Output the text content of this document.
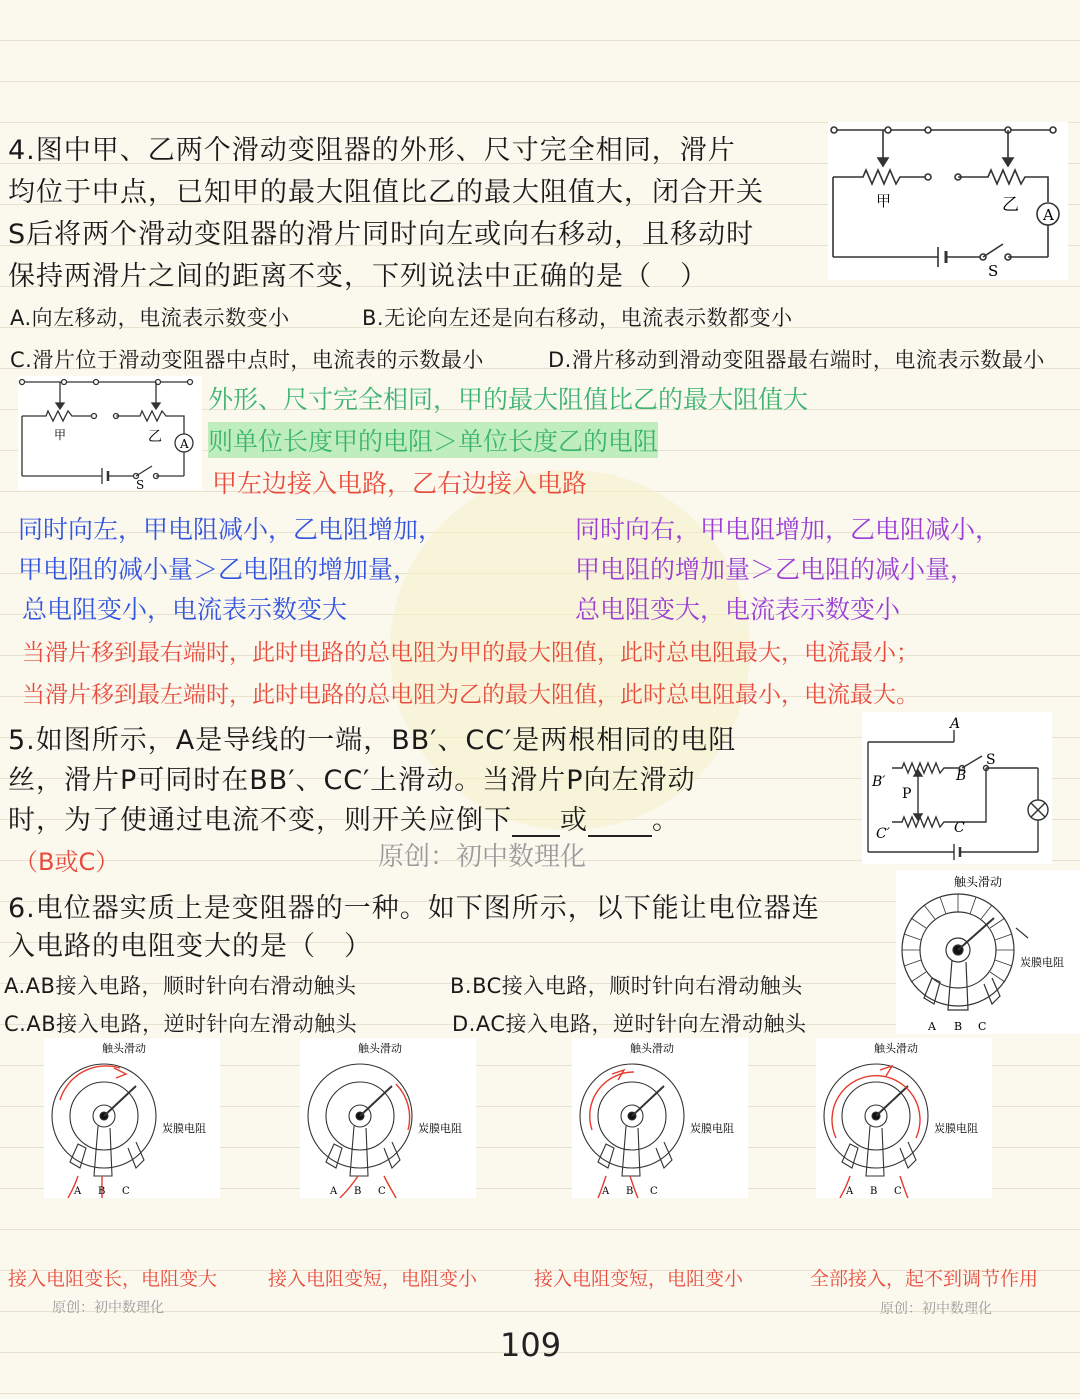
4.图中甲、乙两个滑动变阻器的外形、尺寸完全相同，滑片
均位于中点，已知甲的最大阻值比乙的最大阻值大，闭合开关
S后将两个滑动变阻器的滑片同时向左或向右移动，且移动时
保持两滑片之间的距离不变，下列说法中正确的是（　）
甲	乙 A
S
A.向左移动，电流表示数变小	B.无论向左还是向右移动，电流表示数都变小
C.滑片位于滑动变阻器中点时，电流表的示数最小	D.滑片移动到滑动变阻器最右端时，电流表示数最小
甲	乙 A
S
外形、尺寸完全相同，甲的最大阻值比乙的最大阻值大
则单位长度甲的电阻＞单位长度乙的电阻
甲左边接入电路，乙右边接入电路
同时向左，甲电阻减小，乙电阻增加，
甲电阻的减小量＞乙电阻的增加量，
总电阻变小，电流表示数变大
同时向右，甲电阻增加，乙电阻减小，
甲电阻的增加量＞乙电阻的减小量，
总电阻变大，电流表示数变小
当滑片移到最右端时，此时电路的总电阻为甲的最大阻值，此时总电阻最大，电流最小；
当滑片移到最左端时，此时电路的总电阻为乙的最大阻值，此时总电阻最小，电流最大。
5.如图所示，A是导线的一端，BB′、CC′是两根相同的电阻
丝，滑片P可同时在BB′、CC′上滑动。当滑片P向左滑动
时，为了使通过电流不变，则开关应倒下 或 。
（B或C）
A
B′	B
P
C′	C
S
原创：初中数理化
6.电位器实质上是变阻器的一种。如下图所示，以下能让电位器连
入电路的电阻变大的是（　）
A.AB接入电路，顺时针向右滑动触头	B.BC接入电路，顺时针向右滑动触头
C.AB接入电路，逆时针向左滑动触头	D.AC接入电路，逆时针向左滑动触头
触头滑动
炭膜电阻
A B C
触头滑动
炭膜电阻
A B C
触头滑动
炭膜电阻
A B C
触头滑动
炭膜电阻
A B C
触头滑动
炭膜电阻
A B C
接入电阻变长，电阻变大	接入电阻变短，电阻变小	接入电阻变短，电阻变小	全部接入，起不到调节作用
原创：初中数理化	原创：初中数理化
109
